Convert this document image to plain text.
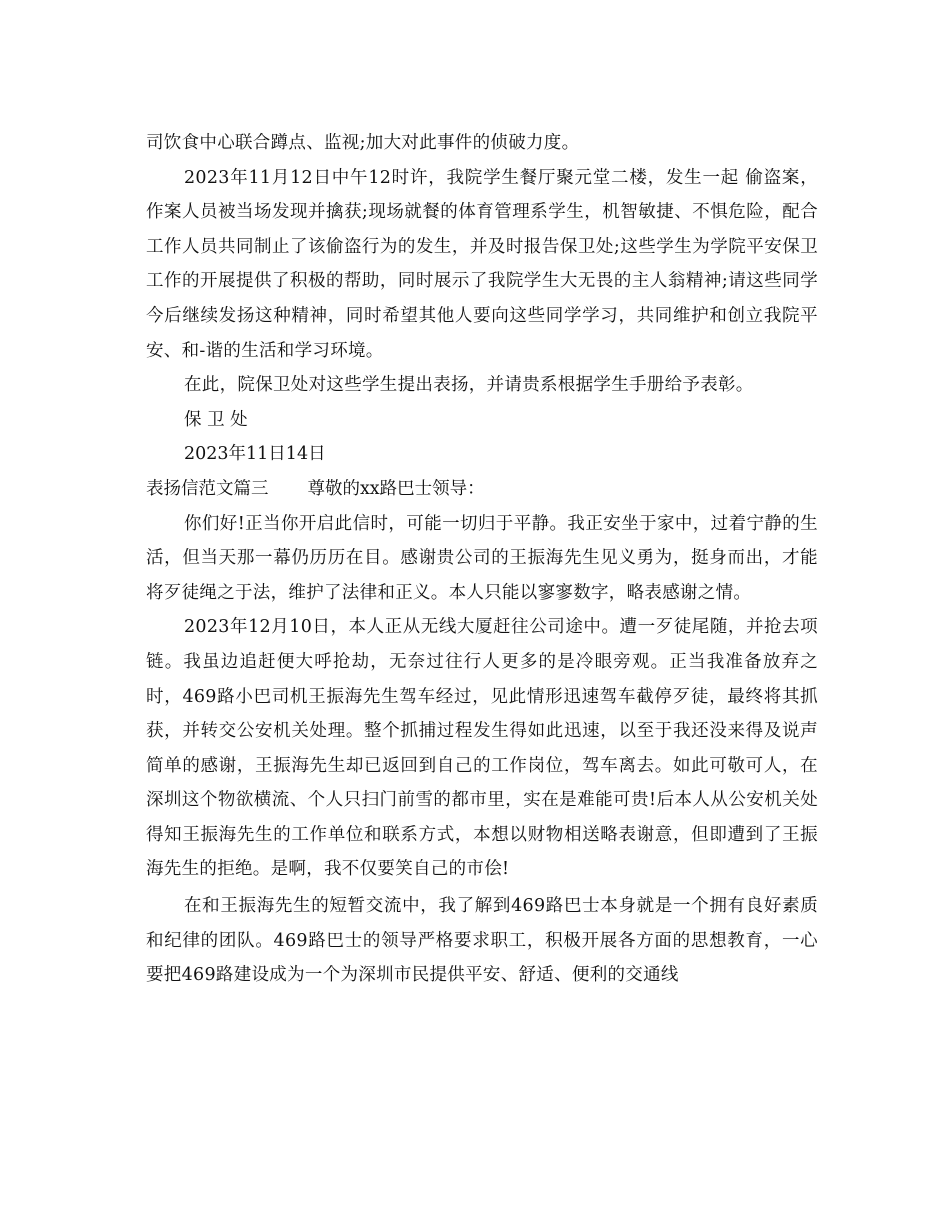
司饮食中心联合蹲点、监视;加大对此事件的侦破力度。

2023年11月12日中午12时许，我院学生餐厅聚元堂二楼，发生一起 偷盗案，作案人员被当场发现并擒获;现场就餐的体育管理系学生，机智敏捷、不惧危险，配合工作人员共同制止了该偷盗行为的发生，并及时报告保卫处;这些学生为学院平安保卫工作的开展提供了积极的帮助，同时展示了我院学生大无畏的主人翁精神;请这些同学今后继续发扬这种精神，同时希望其他人要向这些同学学习，共同维护和创立我院平安、和-谐的生活和学习环境。

在此，院保卫处对这些学生提出表扬，并请贵系根据学生手册给予表彰。

保 卫 处

2023年11日14日

表扬信范文篇三       尊敬的xx路巴士领导：

你们好!正当你开启此信时，可能一切归于平静。我正安坐于家中，过着宁静的生活，但当天那一幕仍历历在目。感谢贵公司的王振海先生见义勇为，挺身而出，才能将歹徒绳之于法，维护了法律和正义。本人只能以寥寥数字，略表感谢之情。

2023年12月10日，本人正从无线大厦赶往公司途中。遭一歹徒尾随，并抢去项链。我虽边追赶便大呼抢劫，无奈过往行人更多的是冷眼旁观。正当我准备放弃之时，469路小巴司机王振海先生驾车经过，见此情形迅速驾车截停歹徒，最终将其抓获，并转交公安机关处理。整个抓捕过程发生得如此迅速，以至于我还没来得及说声简单的感谢，王振海先生却已返回到自己的工作岗位，驾车离去。如此可敬可人，在深圳这个物欲横流、个人只扫门前雪的都市里，实在是难能可贵!后本人从公安机关处得知王振海先生的工作单位和联系方式，本想以财物相送略表谢意，但即遭到了王振海先生的拒绝。是啊，我不仅要笑自己的市侩!

在和王振海先生的短暂交流中，我了解到469路巴士本身就是一个拥有良好素质和纪律的团队。469路巴士的领导严格要求职工，积极开展各方面的思想教育，一心要把469路建设成为一个为深圳市民提供平安、舒适、便利的交通线
